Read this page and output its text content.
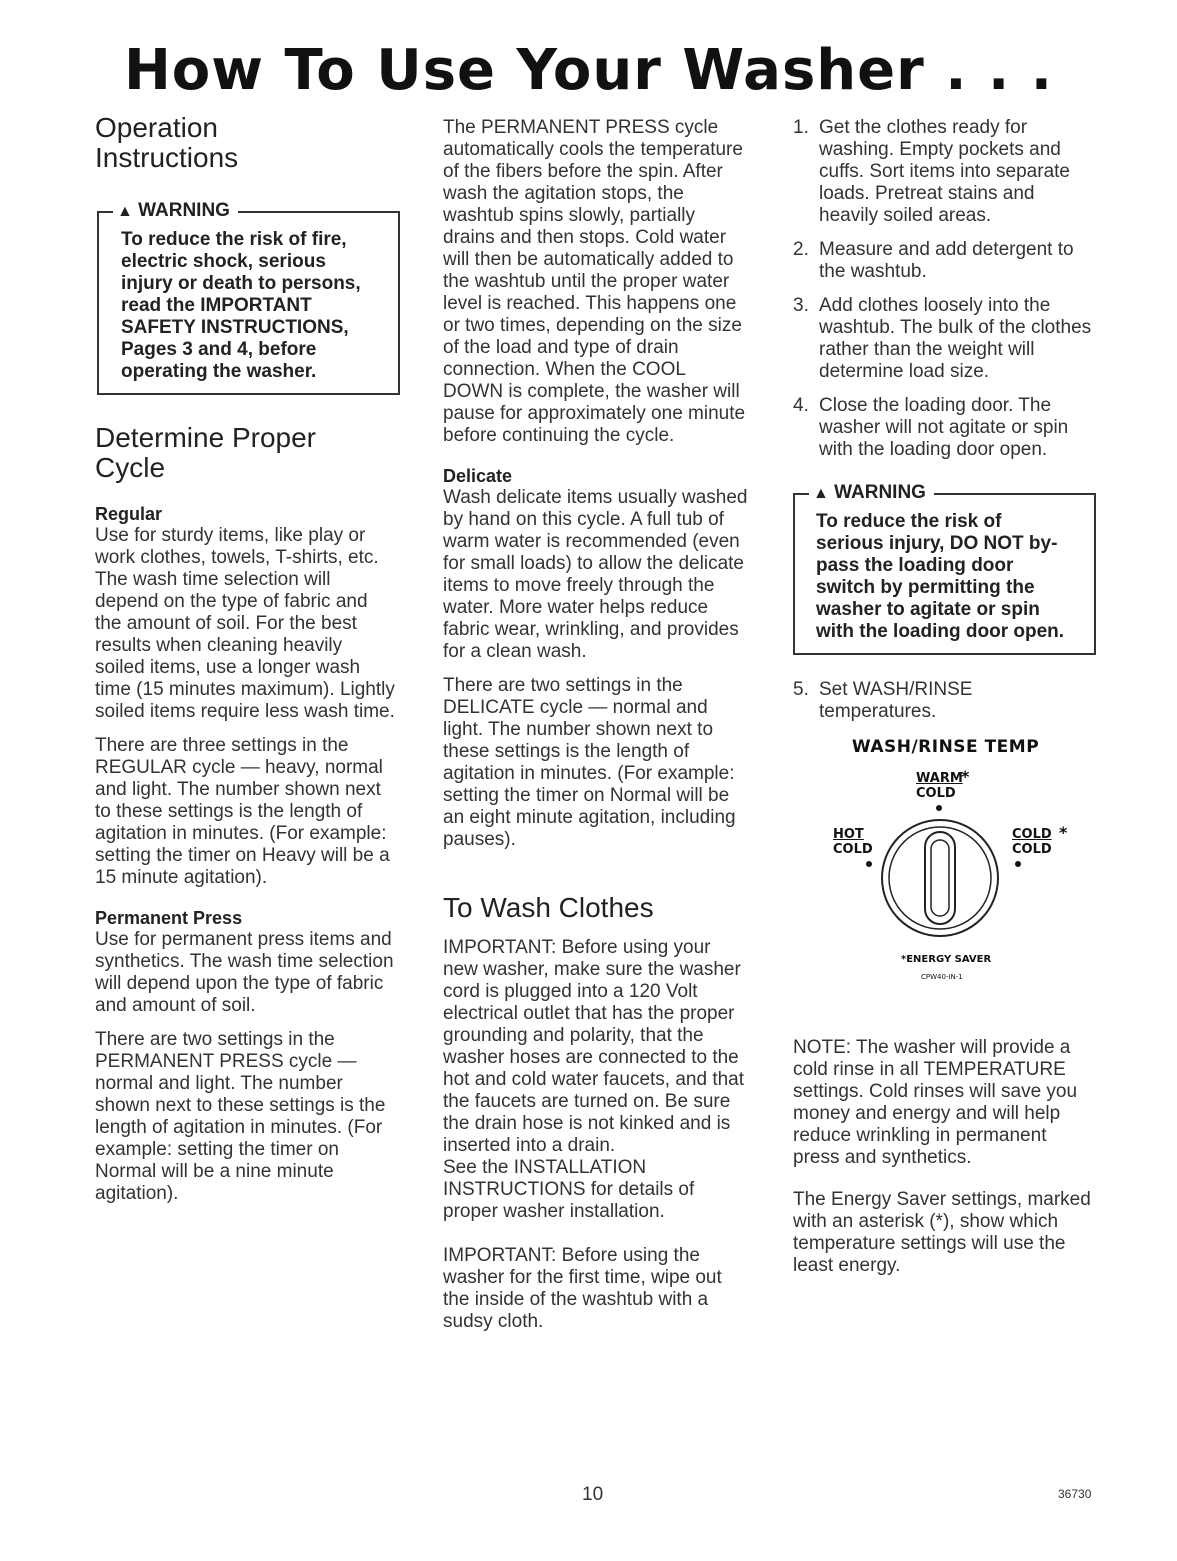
How To Use Your Washer . . .
Operation Instructions
▲ WARNING
To reduce the risk of fire, electric shock, serious injury or death to persons, read the IMPORTANT SAFETY INSTRUCTIONS, Pages 3 and 4, before operating the washer.
Determine Proper Cycle
Regular

Use for sturdy items, like play or work clothes, towels, T-shirts, etc. The wash time selection will depend on the type of fabric and the amount of soil. For the best results when cleaning heavily soiled items, use a longer wash time (15 minutes maximum). Lightly soiled items require less wash time.

There are three settings in the REGULAR cycle — heavy, normal and light. The number shown next to these settings is the length of agitation in minutes. (For example: setting the timer on Heavy will be a 15 minute agitation).

Permanent Press

Use for permanent press items and synthetics. The wash time selection will depend upon the type of fabric and amount of soil.

There are two settings in the PERMANENT PRESS cycle — normal and light. The number shown next to these settings is the length of agitation in minutes. (For example: setting the timer on Normal will be a nine minute agitation).

The PERMANENT PRESS cycle automatically cools the temperature of the fibers before the spin. After wash the agitation stops, the washtub spins slowly, partially drains and then stops. Cold water will then be automatically added to the washtub until the proper water level is reached. This happens one or two times, depending on the size of the load and type of drain connection. When the COOL DOWN is complete, the washer will pause for approximately one minute before continuing the cycle.

Delicate

Wash delicate items usually washed by hand on this cycle. A full tub of warm water is recommended (even for small loads) to allow the delicate items to move freely through the water. More water helps reduce fabric wear, wrinkling, and provides for a clean wash.

There are two settings in the DELICATE cycle — normal and light. The number shown next to these settings is the length of agitation in minutes. (For example: setting the timer on Normal will be an eight minute agitation, including pauses).

To Wash Clothes

IMPORTANT: Before using your new washer, make sure the washer cord is plugged into a 120 Volt electrical outlet that has the proper grounding and polarity, that the washer hoses are connected to the hot and cold water faucets, and that the faucets are turned on. Be sure the drain hose is not kinked and is inserted into a drain.

See the INSTALLATION INSTRUCTIONS for details of proper washer installation.

IMPORTANT: Before using the washer for the first time, wipe out the inside of the washtub with a sudsy cloth.

1. Get the clothes ready for washing. Empty pockets and cuffs. Sort items into separate loads. Pretreat stains and heavily soiled areas.
2. Measure and add detergent to the washtub.
3. Add clothes loosely into the washtub. The bulk of the clothes rather than the weight will determine load size.
4. Close the loading door. The washer will not agitate or spin with the loading door open.
▲ WARNING
To reduce the risk of serious injury, DO NOT by-pass the loading door switch by permitting the washer to agitate or spin with the loading door open.
5. Set WASH/RINSE temperatures.
WASH/RINSE TEMP
WARM
COLD
*
HOT
COLD
COLD
COLD
*
*ENERGY SAVER
CPW40-IN-1

NOTE: The washer will provide a cold rinse in all TEMPERATURE settings. Cold rinses will save you money and energy and will help reduce wrinkling in permanent press and synthetics.

The Energy Saver settings, marked with an asterisk (*), show which temperature settings will use the least energy.

10	36730
